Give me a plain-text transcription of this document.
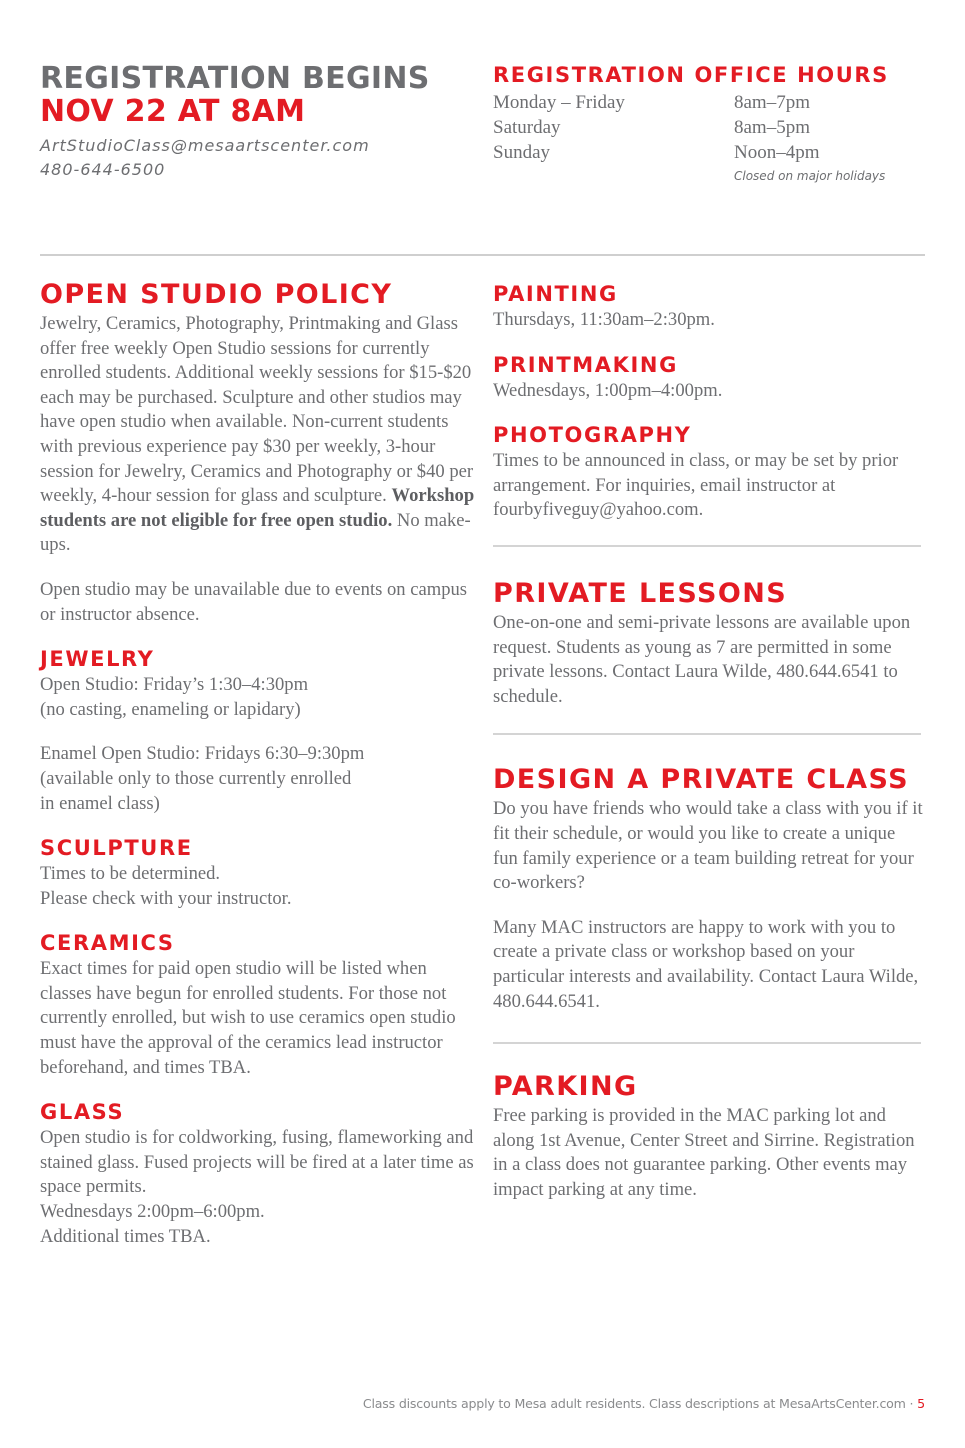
REGISTRATION BEGINS
NOV 22 AT 8AM
ArtStudioClass@mesaartscenter.com
480-644-6500
REGISTRATION OFFICE HOURS
Monday – Friday	8am–7pm
Saturday	8am–5pm
Sunday	Noon–4pm
Closed on major holidays
OPEN STUDIO POLICY

Jewelry, Ceramics, Photography, Printmaking and Glass offer free weekly Open Studio sessions for currently enrolled students. Additional weekly sessions for $15-$20 each may be purchased. Sculpture and other studios may have open studio when available. Non-current students with previous experience pay $30 per weekly, 3-hour session for Jewelry, Ceramics and Photography or $40 per weekly, 4-hour session for glass and sculpture. Workshop students are not eligible for free open studio. No make-ups.

Open studio may be unavailable due to events on campus or instructor absence.

JEWELRY
Open Studio: Friday’s 1:30–4:30pm
(no casting, enameling or lapidary)
Enamel Open Studio: Fridays 6:30–9:30pm
(available only to those currently enrolled
in enamel class)
SCULPTURE
Times to be determined.
Please check with your instructor.
CERAMICS

Exact times for paid open studio will be listed when classes have begun for enrolled students. For those not currently enrolled, but wish to use ceramics open studio must have the approval of the ceramics lead instructor beforehand, and times TBA.

GLASS

Open studio is for coldworking, fusing, flameworking and stained glass. Fused projects will be fired at a later time as space permits.

Wednesdays 2:00pm–6:00pm.
Additional times TBA.
PAINTING

Thursdays, 11:30am–2:30pm.

PRINTMAKING

Wednesdays, 1:00pm–4:00pm.

PHOTOGRAPHY

Times to be announced in class, or may be set by prior arrangement. For inquiries, email instructor at fourbyfiveguy@yahoo.com.

PRIVATE LESSONS

One-on-one and semi-private lessons are available upon request. Students as young as 7 are permitted in some private lessons. Contact Laura Wilde, 480.644.6541 to schedule.

DESIGN A PRIVATE CLASS

Do you have friends who would take a class with you if it fit their schedule, or would you like to create a unique fun family experience or a team building retreat for your co-workers?

Many MAC instructors are happy to work with you to create a private class or workshop based on your particular interests and availability. Contact Laura Wilde, 480.644.6541.

PARKING

Free parking is provided in the MAC parking lot and along 1st Avenue, Center Street and Sirrine. Registration in a class does not guarantee parking. Other events may impact parking at any time.

Class discounts apply to Mesa adult residents. Class descriptions at MesaArtsCenter.com · 5
